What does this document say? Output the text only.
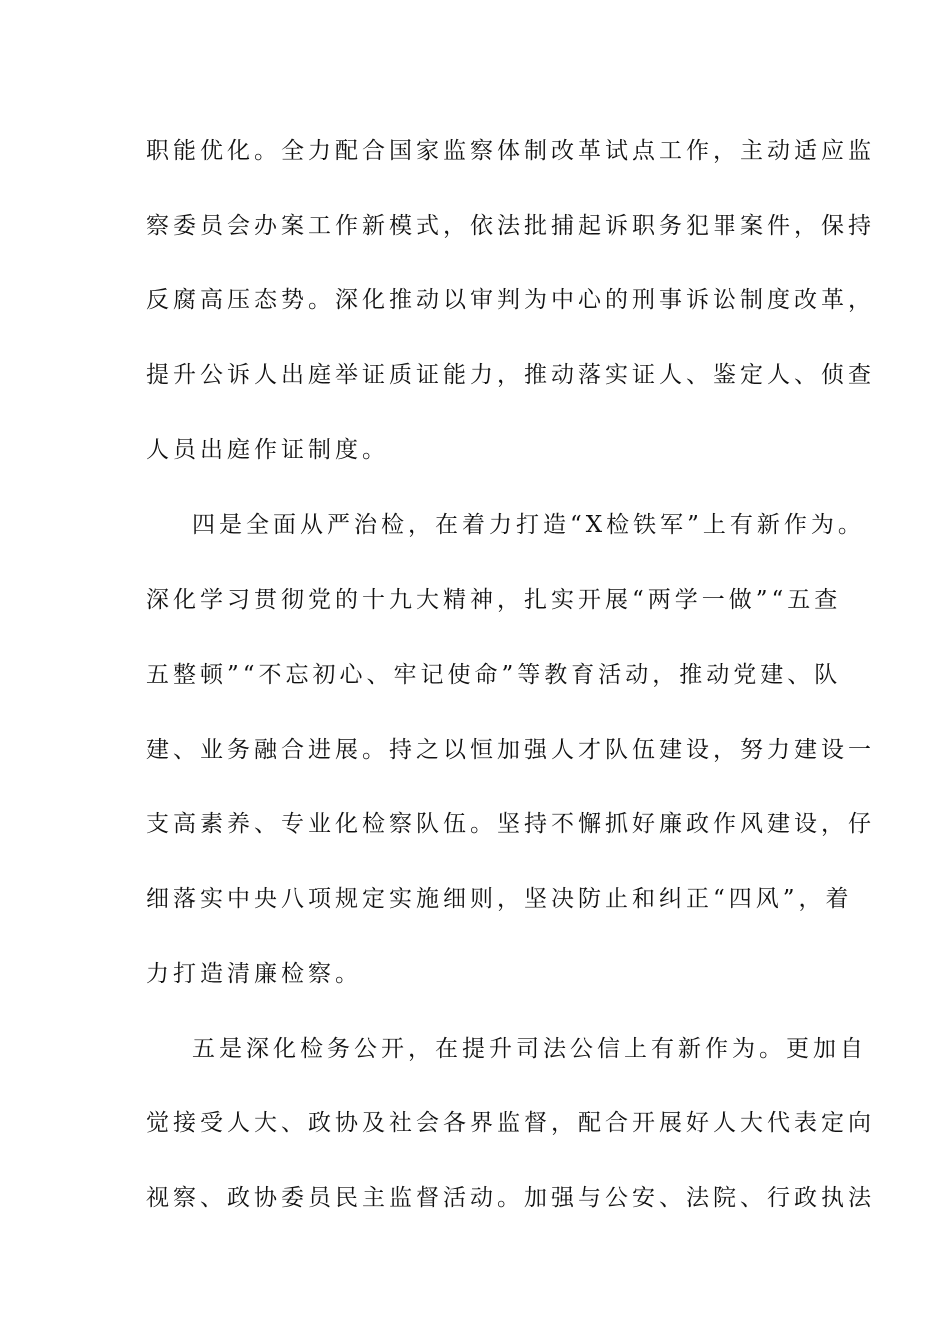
职能优化。全力配合国家监察体制改革试点工作，主动适应监
察委员会办案工作新模式，依法批捕起诉职务犯罪案件，保持
反腐高压态势。深化推动以审判为中心的刑事诉讼制度改革，
提升公诉人出庭举证质证能力，推动落实证人、鉴定人、侦查
人员出庭作证制度。
四是全面从严治检，在着力打造“X检铁军”上有新作为。
深化学习贯彻党的十九大精神，扎实开展“两学一做”“五查
五整顿”“不忘初心、牢记使命”等教育活动，推动党建、队
建、业务融合进展。持之以恒加强人才队伍建设，努力建设一
支高素养、专业化检察队伍。坚持不懈抓好廉政作风建设，仔
细落实中央八项规定实施细则，坚决防止和纠正“四风”，着
力打造清廉检察。
五是深化检务公开，在提升司法公信上有新作为。更加自
觉接受人大、政协及社会各界监督，配合开展好人大代表定向
视察、政协委员民主监督活动。加强与公安、法院、行政执法
